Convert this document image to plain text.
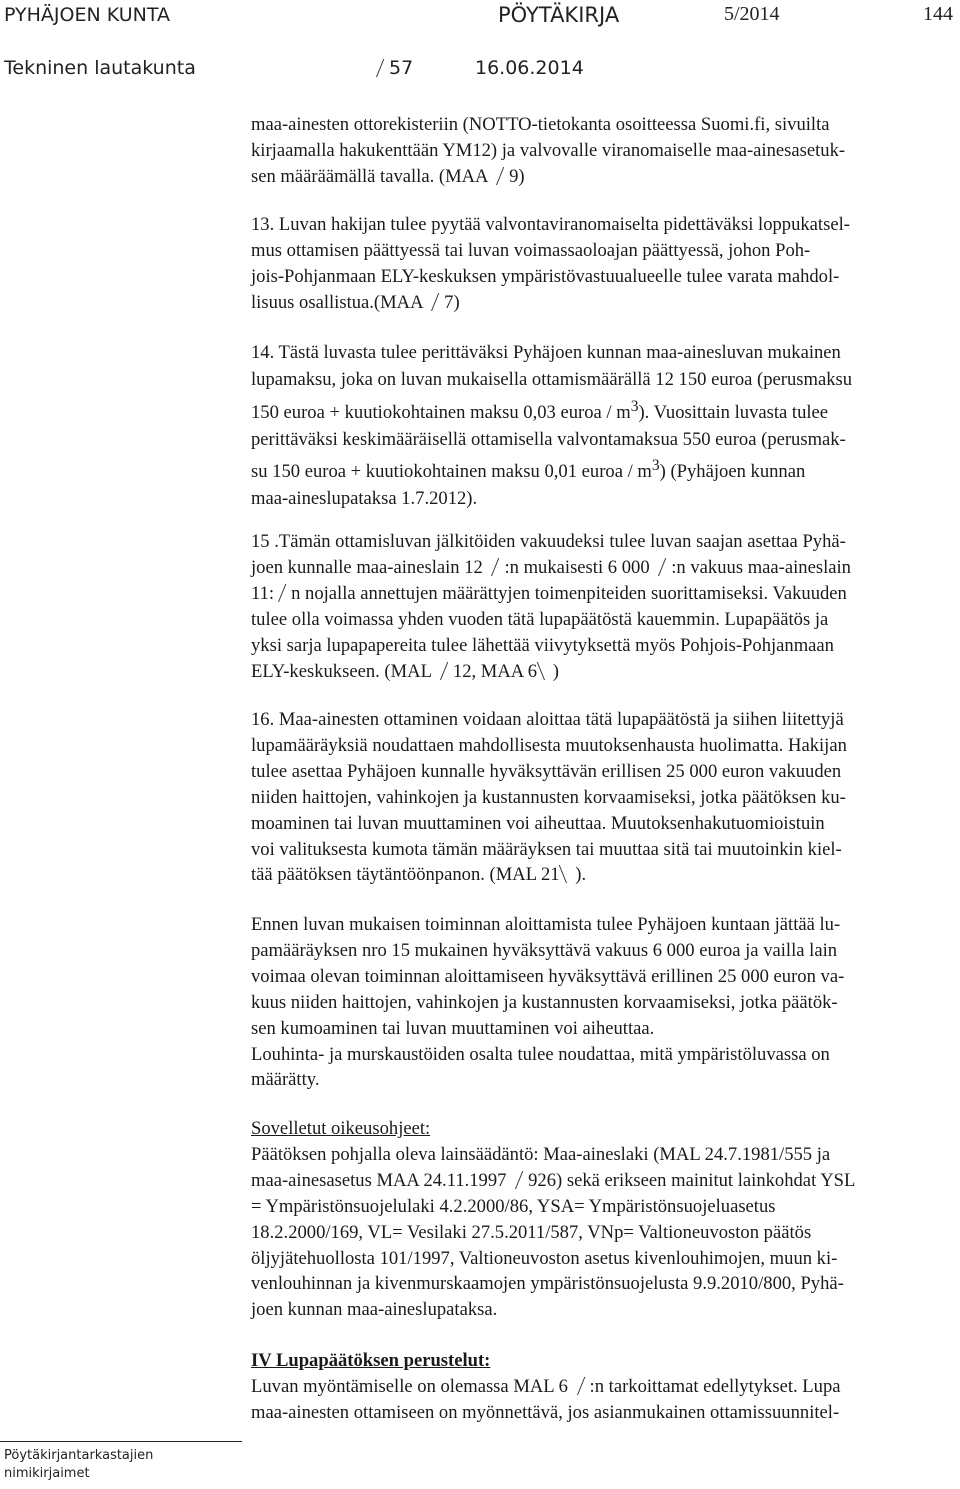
PYHÄJOEN KUNTA	PÖYTÄKIRJA	5/2014	144
Tekninen lautakunta	57	16.06.2014
maa-ainesten ottorekisteriin (NOTTO-tietokanta osoitteessa Suomi.fi, sivuilta
kirjaamalla hakukenttään YM12) ja valvovalle viranomaiselle maa-ainesasetuk-
sen määräämällä tavalla. (MAA 9)
13. Luvan hakijan tulee pyytää valvontaviranomaiselta pidettäväksi loppukatsel-
mus ottamisen päättyessä tai luvan voimassaoloajan päättyessä, johon Poh-
jois-Pohjanmaan ELY-keskuksen ympäristövastuualueelle tulee varata mahdol-
lisuus osallistua.(MAA 7)
14. Tästä luvasta tulee perittäväksi Pyhäjoen kunnan maa-ainesluvan mukainen
lupamaksu, joka on luvan mukaisella ottamismäärällä 12 150 euroa (perusmaksu
150 euroa + kuutiokohtainen maksu 0,03 euroa / $m^3$). Vuosittain luvasta tulee
perittäväksi keskimääräisellä ottamisella valvontamaksua 550 euroa (perusmak-
su 150 euroa + kuutiokohtainen maksu 0,01 euroa / $m^3$) (Pyhäjoen kunnan
maa-aineslupataksa 1.7.2012).
15 .Tämän ottamisluvan jälkitöiden vakuudeksi tulee luvan saajan asettaa Pyhä-
joen kunnalle maa-aineslain 12 :n mukaisesti 6 000 :n vakuus maa-aineslain
11: n nojalla annettujen määrättyjen toimenpiteiden suorittamiseksi. Vakuuden
tulee olla voimassa yhden vuoden tätä lupapäätöstä kauemmin. Lupapäätös ja
yksi sarja lupapapereita tulee lähettää viivytyksettä myös Pohjois-Pohjanmaan
ELY-keskukseen. (MAL 12, MAA 6 )
16. Maa-ainesten ottaminen voidaan aloittaa tätä lupapäätöstä ja siihen liitettyjä
lupamääräyksiä noudattaen mahdollisesta muutoksenhausta huolimatta. Hakijan
tulee asettaa Pyhäjoen kunnalle hyväksyttävän erillisen 25 000 euron vakuuden
niiden haittojen, vahinkojen ja kustannusten korvaamiseksi, jotka päätöksen ku-
moaminen tai luvan muuttaminen voi aiheuttaa. Muutoksenhakutuomioistuin
voi valituksesta kumota tämän määräyksen tai muuttaa sitä tai muutoinkin kiel-
tää päätöksen täytäntöönpanon. (MAL 21 ).
Ennen luvan mukaisen toiminnan aloittamista tulee Pyhäjoen kuntaan jättää lu-
pamääräyksen nro 15 mukainen hyväksyttävä vakuus 6 000 euroa ja vailla lain
voimaa olevan toiminnan aloittamiseen hyväksyttävä erillinen 25 000 euron va-
kuus niiden haittojen, vahinkojen ja kustannusten korvaamiseksi, jotka päätök-
sen kumoaminen tai luvan muuttaminen voi aiheuttaa.
Louhinta- ja murskaustöiden osalta tulee noudattaa, mitä ympäristöluvassa on
määrätty.
Sovelletut oikeusohjeet:
Päätöksen pohjalla oleva lainsäädäntö: Maa-aineslaki (MAL 24.7.1981/555 ja
maa-ainesasetus MAA 24.11.1997 926) sekä erikseen mainitut lainkohdat YSL
= Ympäristönsuojelulaki 4.2.2000/86, YSA= Ympäristönsuojeluasetus
18.2.2000/169, VL= Vesilaki 27.5.2011/587, VNp= Valtioneuvoston päätös
öljyjätehuollosta 101/1997, Valtioneuvoston asetus kivenlouhimojen, muun ki-
venlouhinnan ja kivenmurskaamojen ympäristönsuojelusta 9.9.2010/800, Pyhä-
joen kunnan maa-aineslupataksa.
IV Lupapäätöksen perustelut:
Luvan myöntämiselle on olemassa MAL 6 :n tarkoittamat edellytykset. Lupa
maa-ainesten ottamiseen on myönnettävä, jos asianmukainen ottamissuunnitel-
Pöytäkirjantarkastajien
nimikirjaimet
